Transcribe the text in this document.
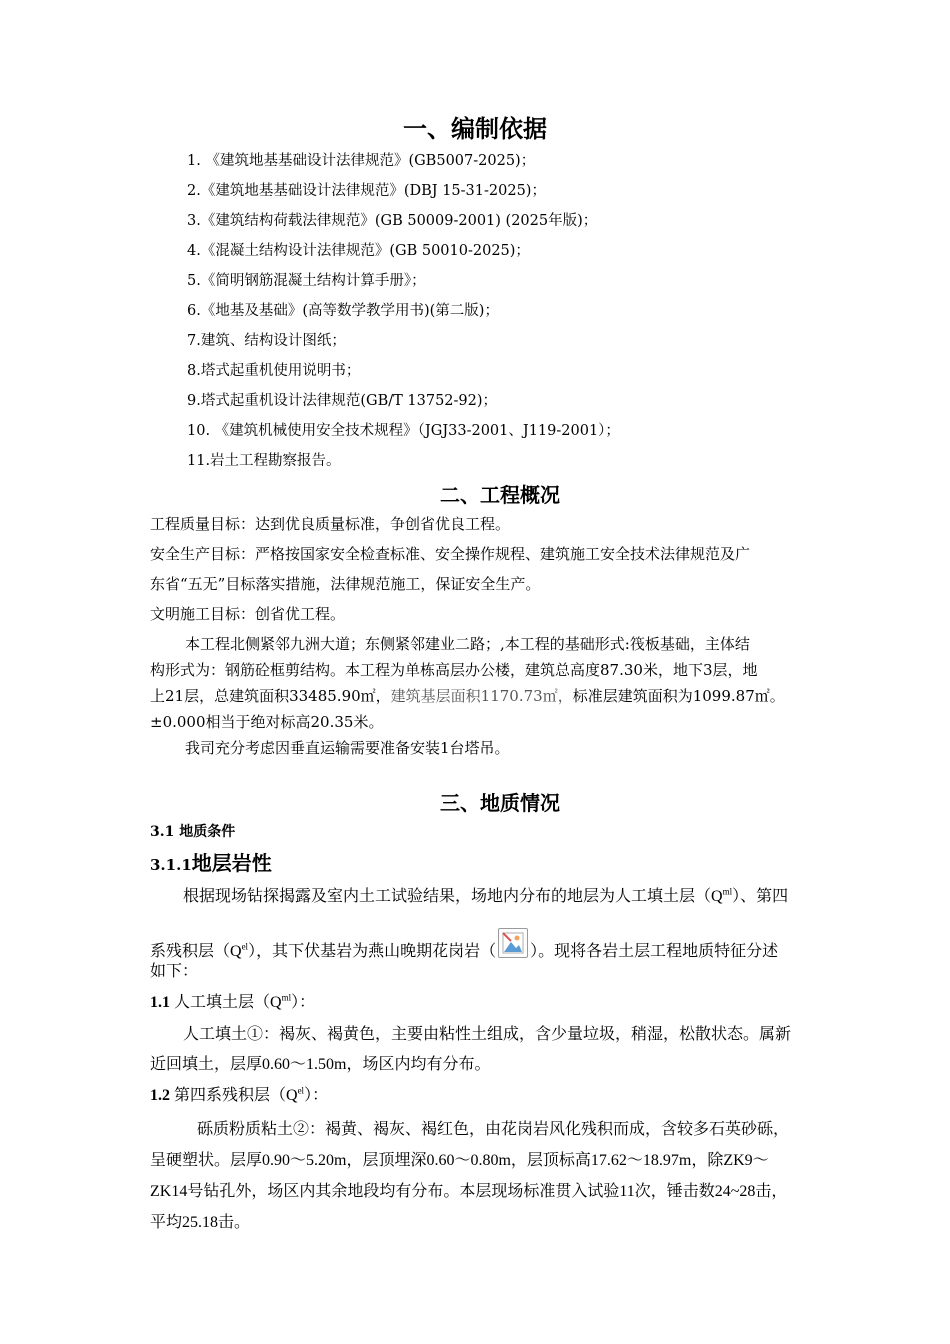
一、编制依据
1. 《建筑地基基础设计法律规范》(GB5007-2025)；
2.《建筑地基基础设计法律规范》(DBJ 15-31-2025)；
3.《建筑结构荷载法律规范》(GB 50009-2001) (2025年版)；
4.《混凝土结构设计法律规范》(GB 50010-2025)；
5.《简明钢筋混凝土结构计算手册》；
6.《地基及基础》(高等数学教学用书)(第二版)；
7.建筑、结构设计图纸；
8.塔式起重机使用说明书；
9.塔式起重机设计法律规范(GB/T 13752-92)；
10. 《建筑机械使用安全技术规程》（JGJ33-2001、J119-2001）；
11.岩土工程勘察报告。
二、工程概况
工程质量目标：达到优良质量标准，争创省优良工程。
安全生产目标：严格按国家安全检查标准、安全操作规程、建筑施工安全技术法律规范及广
东省“五无”目标落实措施，法律规范施工，保证安全生产。
文明施工目标：创省优工程。
本工程北侧紧邻九洲大道；东侧紧邻建业二路；,本工程的基础形式:筏板基础，主体结
构形式为：钢筋砼框剪结构。本工程为单栋高层办公楼，建筑总高度87.30米，地下3层，地
上21层，总建筑面积33485.90㎡，建筑基层面积1170.73㎡，标准层建筑面积为1099.87㎡。
±0.000相当于绝对标高20.35米。
我司充分考虑因垂直运输需要准备安装1台塔吊。
三、地质情况
3.1 地质条件
3.1.1地层岩性
根据现场钻探揭露及室内土工试验结果，场地内分布的地层为人工填土层$(Q^{ml})$、第四
系残积层$(Q^{el})$，其下伏基岩为燕山晚期花岗岩（ ）。现将各岩土层工程地质特征分述
如下：
1.1 人工填土层$(Q^{ml})$：
人工填土①：褐灰、褐黄色，主要由粘性土组成，含少量垃圾，稍湿，松散状态。属新
近回填土，层厚0.60～1.50m，场区内均有分布。
1.2 第四系残积层$(Q^{el})$：
砾质粉质粘土②：褐黄、褐灰、褐红色，由花岗岩风化残积而成，含较多石英砂砾，
呈硬塑状。层厚0.90～5.20m，层顶埋深0.60～0.80m，层顶标高17.62～18.97m，除ZK9～
ZK14号钻孔外，场区内其余地段均有分布。本层现场标准贯入试验11次，锤击数24~28击，
平均25.18击。
